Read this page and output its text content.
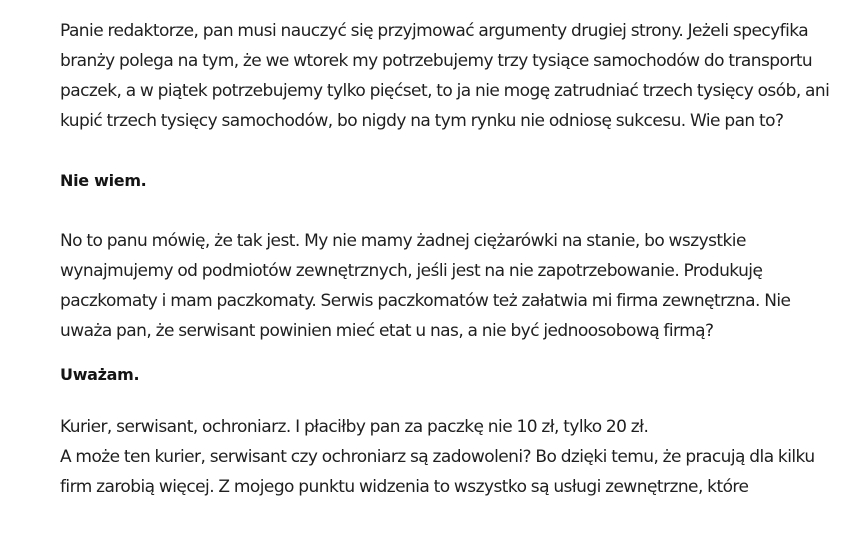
Panie redaktorze, pan musi nauczyć się przyjmować argumenty drugiej strony. Jeżeli specyfika branży polega na tym, że we wtorek my potrzebujemy trzy tysiące samochodów do transportu paczek, a w piątek potrzebujemy tylko pięćset, to ja nie mogę zatrudniać trzech tysięcy osób, ani kupić trzech tysięcy samochodów, bo nigdy na tym rynku nie odniosę sukcesu. Wie pan to?

Nie wiem.

No to panu mówię, że tak jest. My nie mamy żadnej ciężarówki na stanie, bo wszystkie wynajmujemy od podmiotów zewnętrznych, jeśli jest na nie zapotrzebowanie. Produkuję paczkomaty i mam paczkomaty. Serwis paczkomatów też załatwia mi firma zewnętrzna. Nie uważa pan, że serwisant powinien mieć etat u nas, a nie być jednoosobową firmą?

Uważam.

Kurier, serwisant, ochroniarz. I płaciłby pan za paczkę nie 10 zł, tylko 20 zł.

A może ten kurier, serwisant czy ochroniarz są zadowoleni? Bo dzięki temu, że pracują dla kilku firm zarobią więcej. Z mojego punktu widzenia to wszystko są usługi zewnętrzne, które
